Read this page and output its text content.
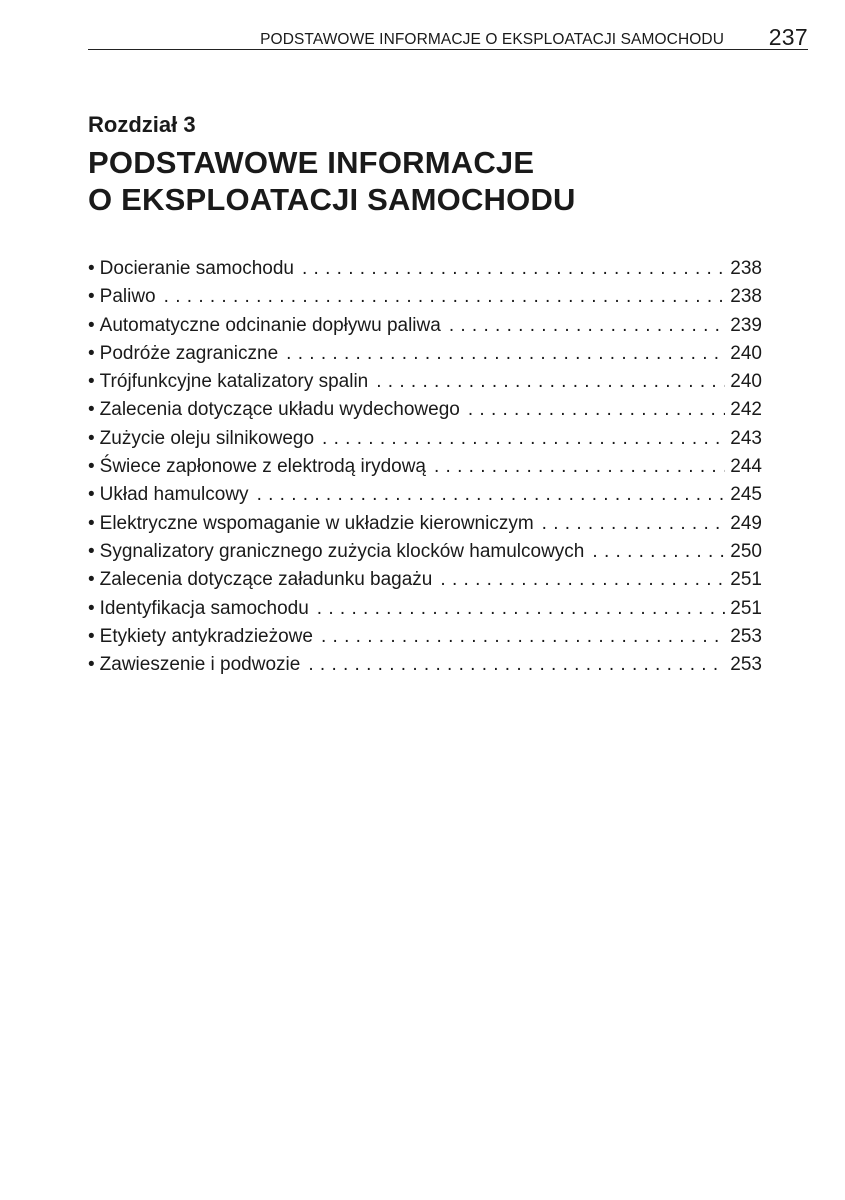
PODSTAWOWE INFORMACJE O EKSPLOATACJI SAMOCHODU 237
Rozdział 3
PODSTAWOWE INFORMACJE
O EKSPLOATACJI SAMOCHODU
• Docieranie samochodu . . .	238
• Paliwo . . .	238
• Automatyczne odcinanie dopływu paliwa . . .	239
• Podróże zagraniczne . . .	240
• Trójfunkcyjne katalizatory spalin . . .	240
• Zalecenia dotyczące układu wydechowego . . .	242
• Zużycie oleju silnikowego . . .	243
• Świece zapłonowe z elektrodą irydową . . .	244
• Układ hamulcowy . . .	245
• Elektryczne wspomaganie w układzie kierowniczym . . .	249
• Sygnalizatory granicznego zużycia klocków hamulcowych . . .	250
• Zalecenia dotyczące załadunku bagażu . . .	251
• Identyfikacja samochodu . . .	251
• Etykiety antykradzieżowe . . .	253
• Zawieszenie i podwozie . . .	253
